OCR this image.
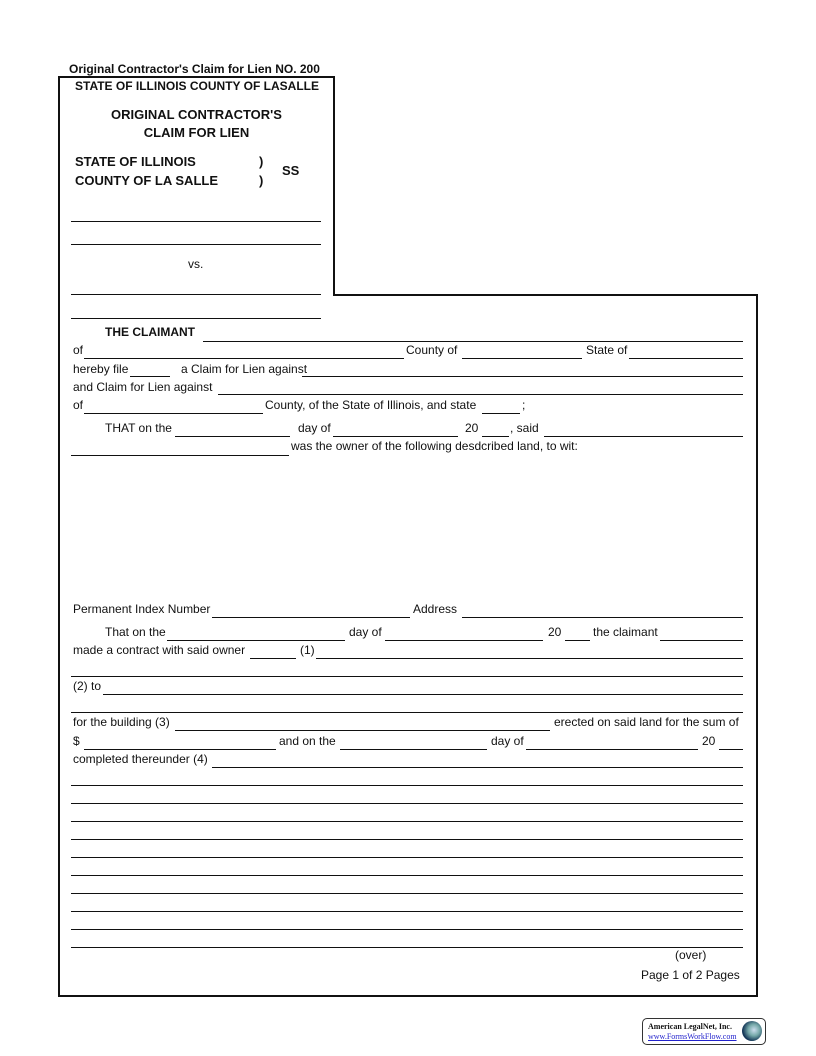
Original Contractor's Claim for Lien NO. 200
STATE OF ILLINOIS COUNTY OF LASALLE
ORIGINAL CONTRACTOR'S
CLAIM FOR LIEN
STATE OF ILLINOIS
COUNTY OF LA SALLE
)
)
SS
vs.
THE CLAIMANT
of	County of	State of
hereby file	a Claim for Lien against
and Claim for Lien against
of	County, of the State of Illinois, and state	;
THAT on the	day of	20	, said
was the owner of the following desdcribed land, to wit:
Permanent Index Number	Address
That on the	day of	20	the claimant
made a contract with said owner	(1)
(2) to
for the building (3)	erected on said land for the sum of
$	and on the	day of	20
completed thereunder (4)
(over)
Page 1 of 2 Pages
American LegalNet, Inc.
www.FormsWorkFlow.com
